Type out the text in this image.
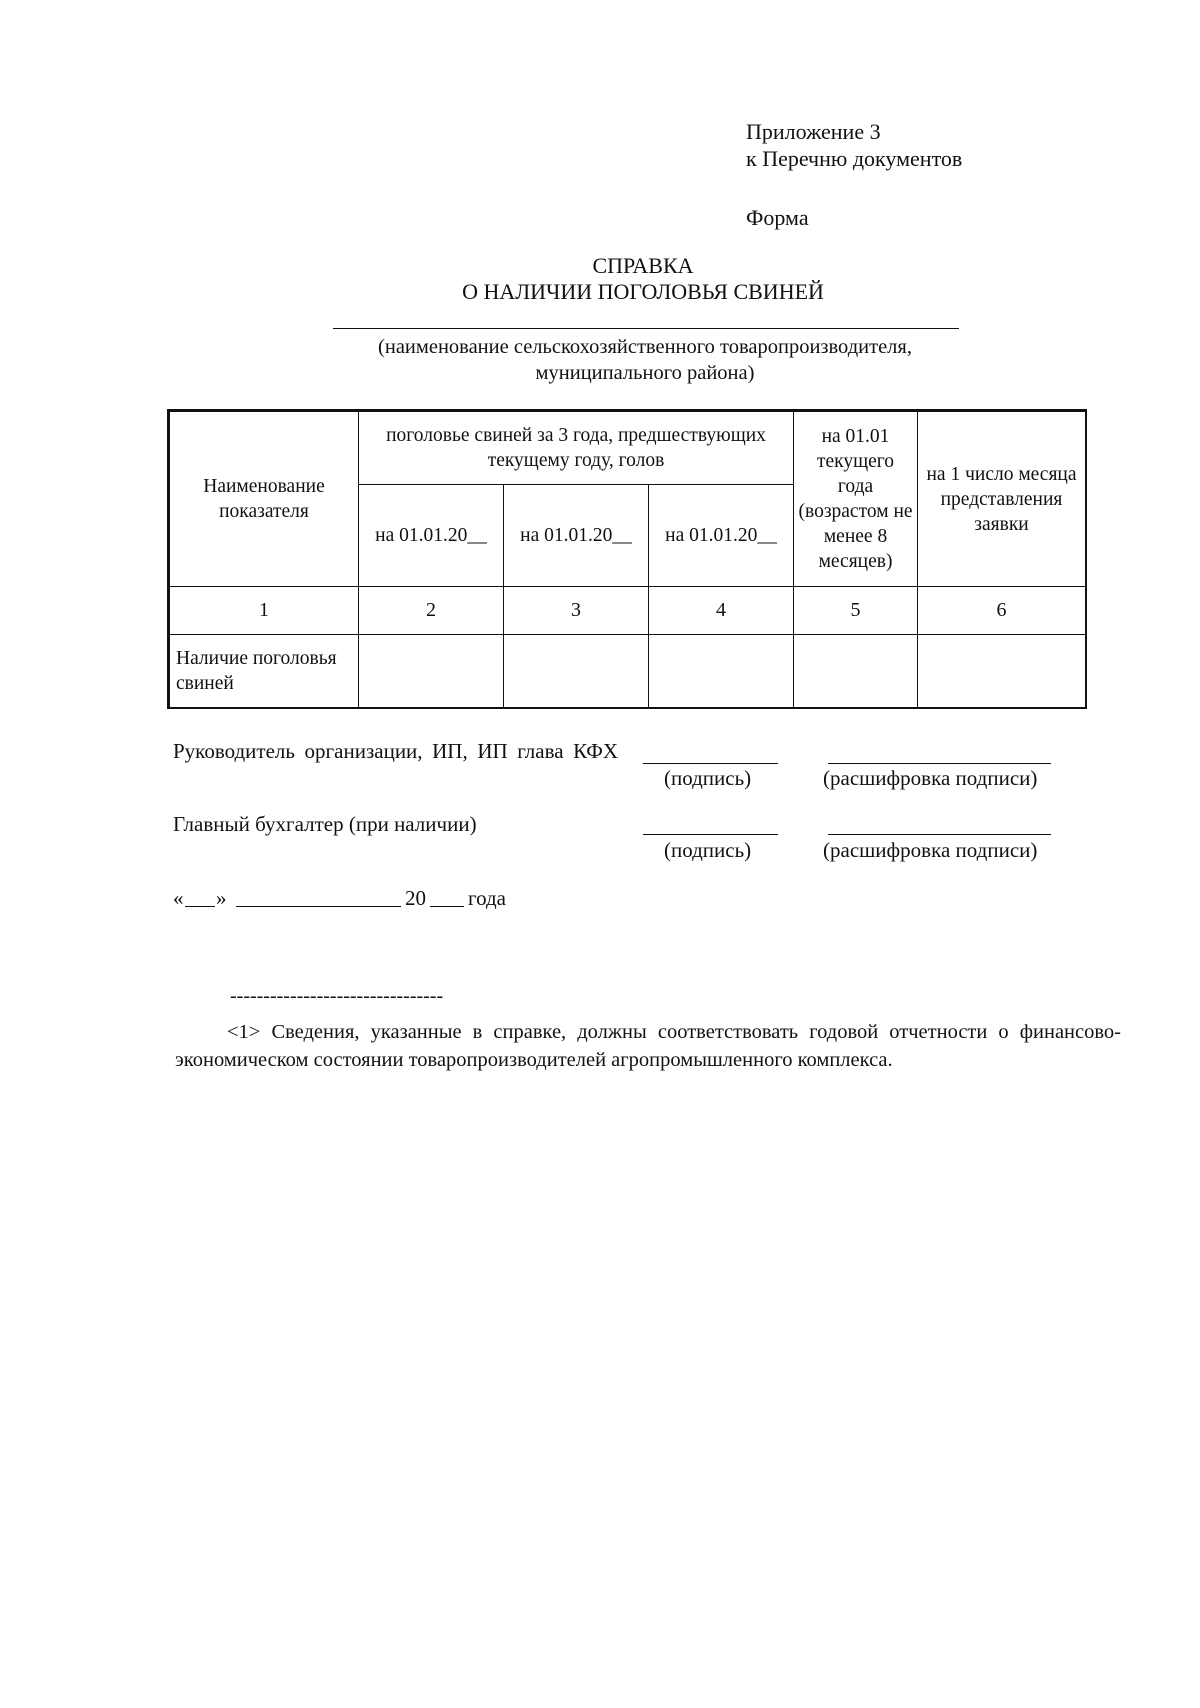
Приложение 3
к Перечню документов
Форма
СПРАВКА
О НАЛИЧИИ ПОГОЛОВЬЯ СВИНЕЙ
(наименование сельскохозяйственного товаропроизводителя,
муниципального района)
Наименование показателя	поголовье свиней за 3 года, предшествующих текущему году, голов			на 01.01 текущего года (возрастом не менее 8 месяцев)	на 1 число месяца представления заявки
	на 01.01.20__	на 01.01.20__	на 01.01.20__		
1	2	3	4	5	6
Наличие поголовья свиней					
Руководитель организации, ИП, ИП глава КФХ
(подпись)	(расшифровка подписи)
Главный бухгалтер (при наличии)
(подпись)	(расшифровка подписи)
« »	20 года
--------------------------------
<1> Сведения, указанные в справке, должны соответствовать годовой отчетности о финансово-экономическом состоянии товаропроизводителей агропромышленного комплекса.
